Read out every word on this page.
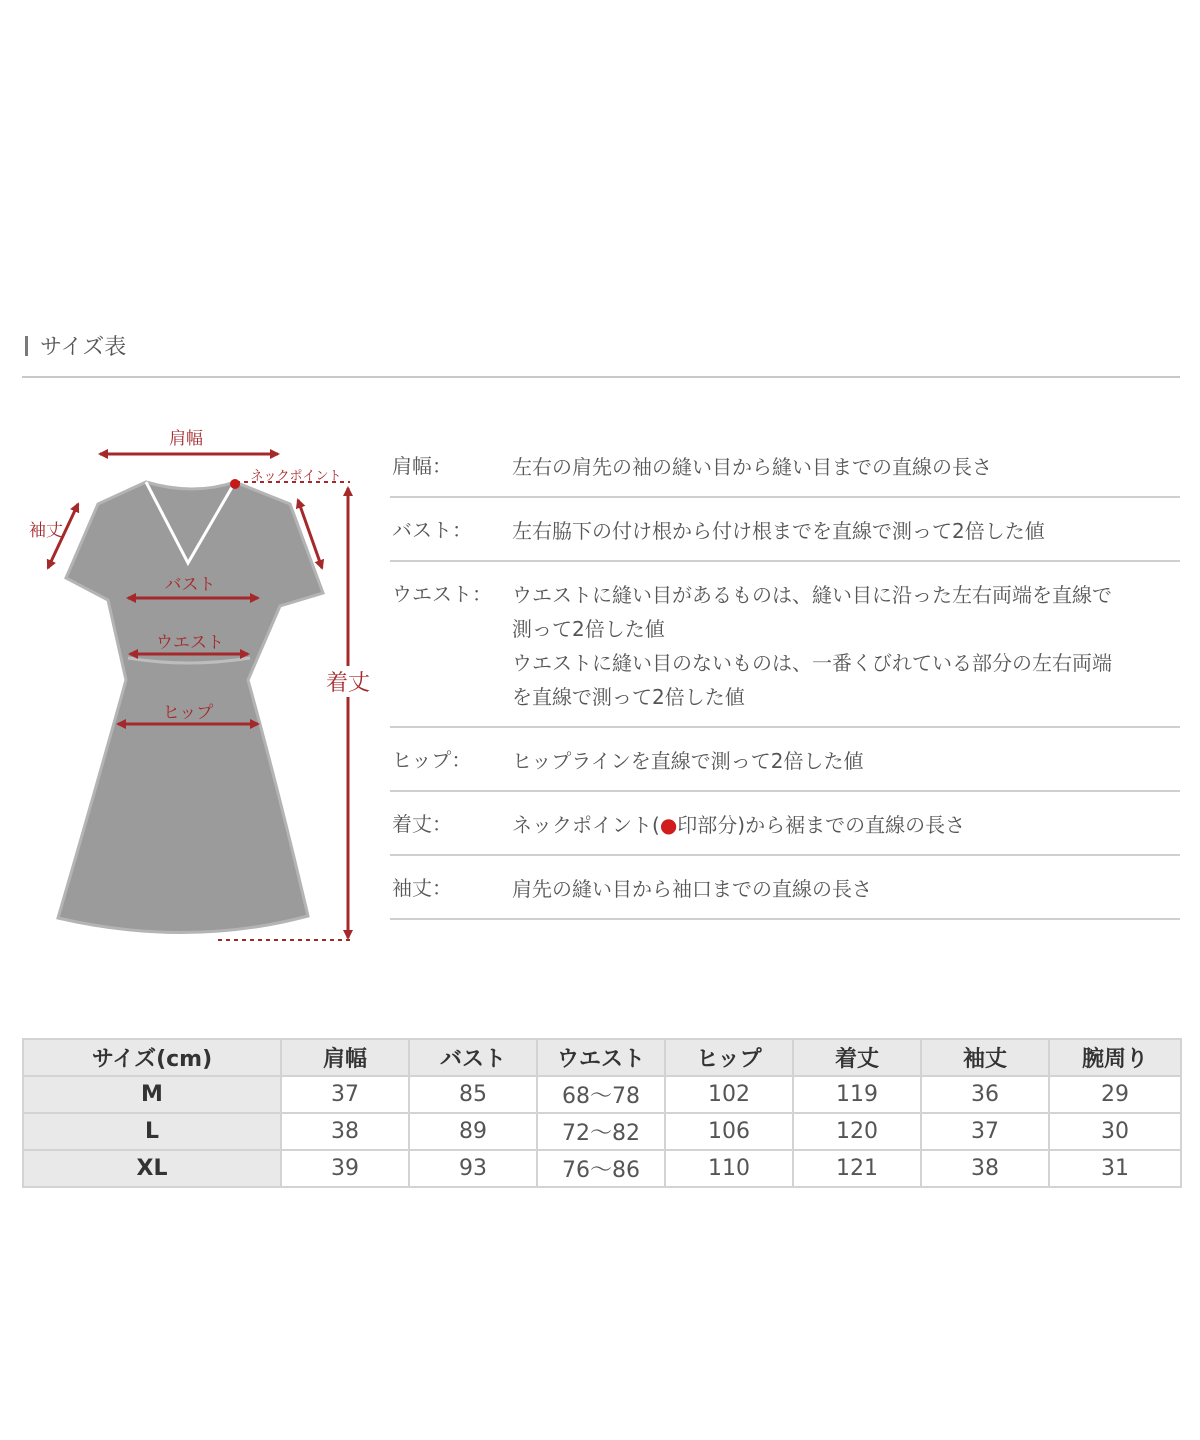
サイズ表
肩幅
ネックポイント
袖丈
バスト
ウエスト
ヒップ
着丈
肩幅：	左右の肩先の袖の縫い目から縫い目までの直線の長さ
バスト：	左右脇下の付け根から付け根までを直線で測って2倍した値
ウエスト：	ウエストに縫い目があるものは、縫い目に沿った左右両端を直線で
測って2倍した値
ウエストに縫い目のないものは、一番くびれている部分の左右両端
を直線で測って2倍した値
ヒップ：	ヒップラインを直線で測って2倍した値
着丈：	ネックポイント(●印部分)から裾までの直線の長さ
袖丈：	肩先の縫い目から袖口までの直線の長さ
サイズ(cm)	肩幅	バスト	ウエスト	ヒップ	着丈	袖丈	腕周り
M	37	85	68〜78	102	119	36	29
L	38	89	72〜82	106	120	37	30
XL	39	93	76〜86	110	121	38	31
